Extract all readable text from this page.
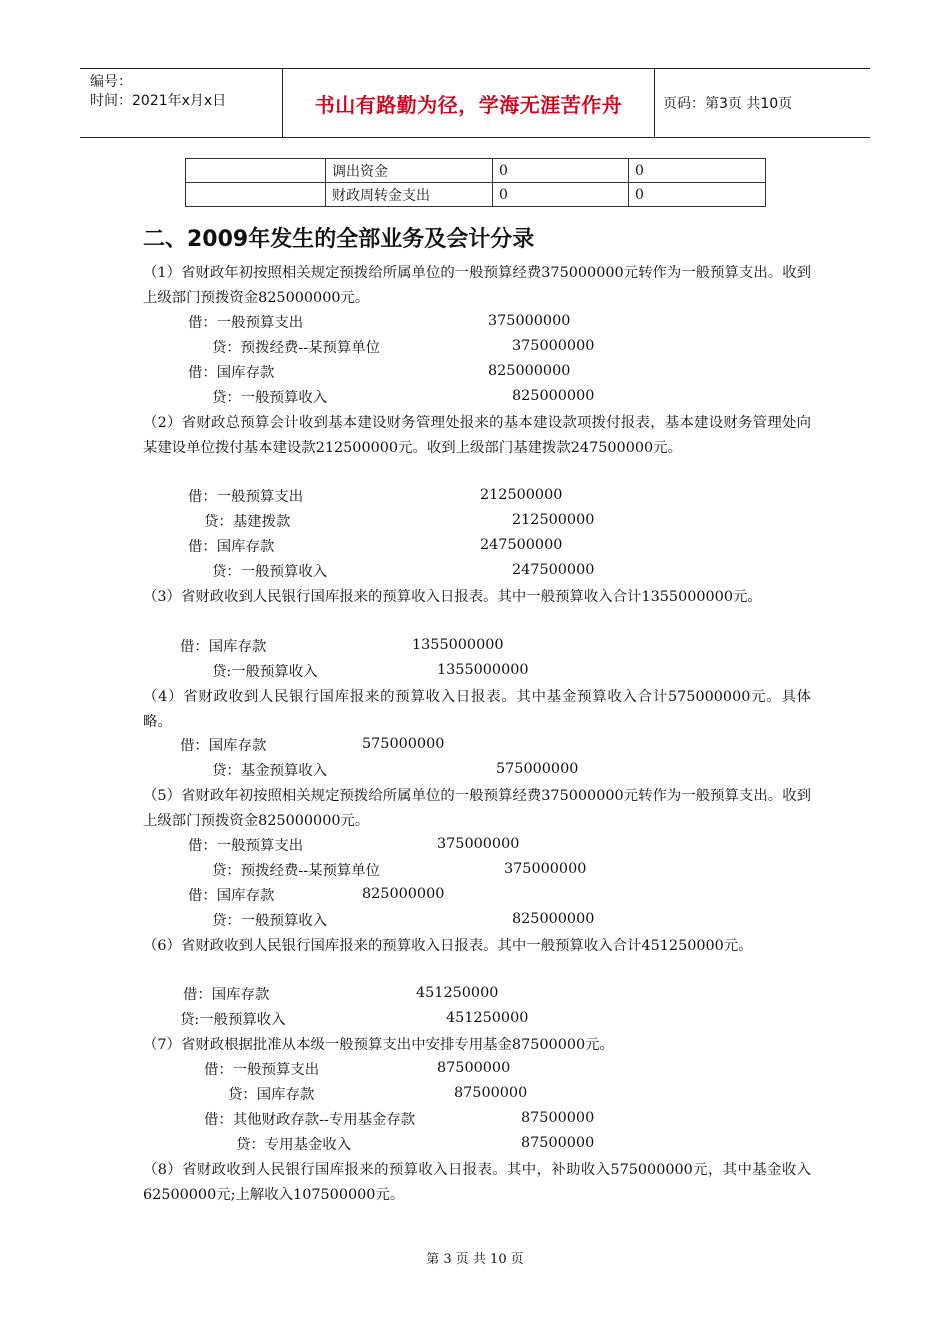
编号：
时间：2021年x月x日	书山有路勤为径，学海无涯苦作舟	页码：第3页 共10页
	调出资金	0	0
	财政周转金支出	0	0
二、2009年发生的全部业务及会计分录
（1）省财政年初按照相关规定预拨给所属单位的一般预算经费375000000元转作为一般预算支出。收到上级部门预拨资金825000000元。
借：一般预算支出	375000000
贷：预拨经费--某预算单位	375000000
借：国库存款	825000000
贷：一般预算收入	825000000
（2）省财政总预算会计收到基本建设财务管理处报来的基本建设款项拨付报表，基本建设财务管理处向某建设单位拨付基本建设款212500000元。收到上级部门基建拨款247500000元。
借：一般预算支出	212500000
贷：基建拨款	212500000
借：国库存款	247500000
贷：一般预算收入	247500000
（3）省财政收到人民银行国库报来的预算收入日报表。其中一般预算收入合计1355000000元。
借：国库存款	1355000000
贷:一般预算收入	1355000000
（4）省财政收到人民银行国库报来的预算收入日报表。其中基金预算收入合计575000000元。具体 略。
借：国库存款	575000000
贷：基金预算收入	575000000
（5）省财政年初按照相关规定预拨给所属单位的一般预算经费375000000元转作为一般预算支出。收到上级部门预拨资金825000000元。
借：一般预算支出	375000000
贷：预拨经费--某预算单位	375000000
借：国库存款	825000000
贷：一般预算收入	825000000
（6）省财政收到人民银行国库报来的预算收入日报表。其中一般预算收入合计451250000元。
借：国库存款	451250000
贷:一般预算收入	451250000
（7）省财政根据批准从本级一般预算支出中安排专用基金87500000元。
借：一般预算支出	87500000
贷：国库存款	87500000
借：其他财政存款--专用基金存款	87500000
贷：专用基金收入	87500000
（8）省财政收到人民银行国库报来的预算收入日报表。其中，补助收入575000000元，其中基金收入62500000元;上解收入107500000元。
第 3 页 共 10 页
